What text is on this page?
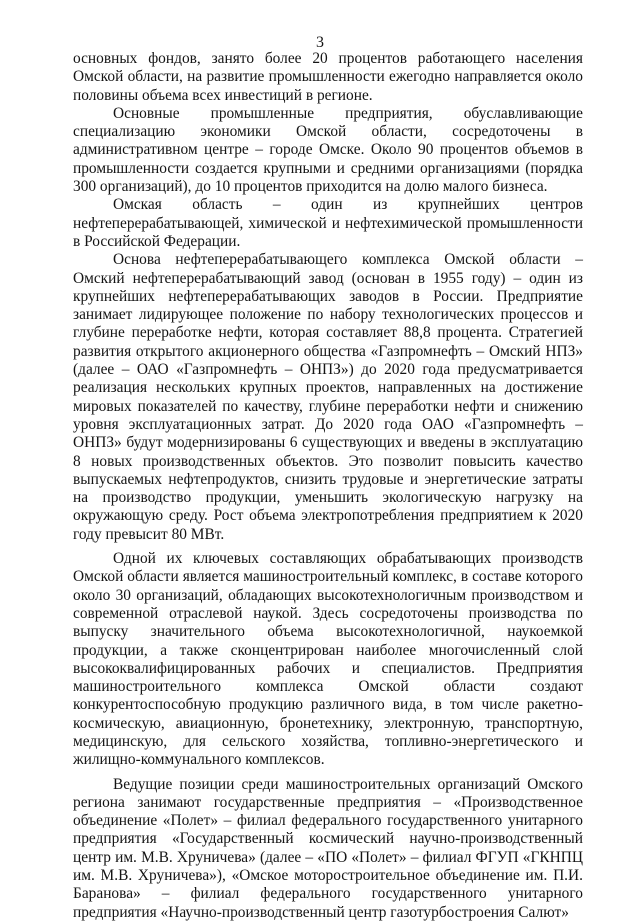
3

основных фондов, занято более 20 процентов работающего населения Омской области, на развитие промышленности ежегодно направляется около половины объема всех инвестиций в регионе.

Основные промышленные предприятия, обуславливающие специализацию экономики Омской области, сосредоточены в административном центре – городе Омске. Около 90 процентов объемов в промышленности создается крупными и средними организациями (порядка 300 организаций), до 10 процентов приходится на долю малого бизнеса.

Омская область – один из крупнейших центров нефтеперерабатывающей, химической и нефтехимической промышленности в Российской Федерации.

Основа нефтеперерабатывающего комплекса Омской области – Омский нефтеперерабатывающий завод (основан в 1955 году) – один из крупнейших нефтеперерабатывающих заводов в России. Предприятие занимает лидирующее положение по набору технологических процессов и глубине переработке нефти, которая составляет 88,8 процента. Стратегией развития открытого акционерного общества «Газпромнефть – Омский НПЗ» (далее – ОАО «Газпромнефть – ОНПЗ») до 2020 года предусматривается реализация нескольких крупных проектов, направленных на достижение мировых показателей по качеству, глубине переработки нефти и снижению уровня эксплуатационных затрат. До 2020 года ОАО «Газпромнефть – ОНПЗ» будут модернизированы 6 существующих и введены в эксплуатацию 8 новых производственных объектов. Это позволит повысить качество выпускаемых нефтепродуктов, снизить трудовые и энергетические затраты на производство продукции, уменьшить экологическую нагрузку на окружающую среду. Рост объема электропотребления предприятием к 2020 году превысит 80 МВт.

Одной их ключевых составляющих обрабатывающих производств Омской области является машиностроительный комплекс, в составе которого около 30 организаций, обладающих высокотехнологичным производством и современной отраслевой наукой. Здесь сосредоточены производства по выпуску значительного объема высокотехнологичной, наукоемкой продукции, а также сконцентрирован наиболее многочисленный слой высококвалифицированных рабочих и специалистов. Предприятия машиностроительного комплекса Омской области создают конкурентоспособную продукцию различного вида, в том числе ракетно-космическую, авиационную, бронетехнику, электронную, транспортную, медицинскую, для сельского хозяйства, топливно-энергетического и жилищно-коммунального комплексов.

Ведущие позиции среди машиностроительных организаций Омского региона занимают государственные предприятия – «Производственное объединение «Полет» – филиал федерального государственного унитарного предприятия «Государственный космический научно-производственный центр им. М.В. Хруничева» (далее – «ПО «Полет» – филиал ФГУП «ГКНПЦ им. М.В. Хруничева»), «Омское моторостроительное объединение им. П.И. Баранова» – филиал федерального государственного унитарного предприятия «Научно-производственный центр газотурбостроения Салют»
